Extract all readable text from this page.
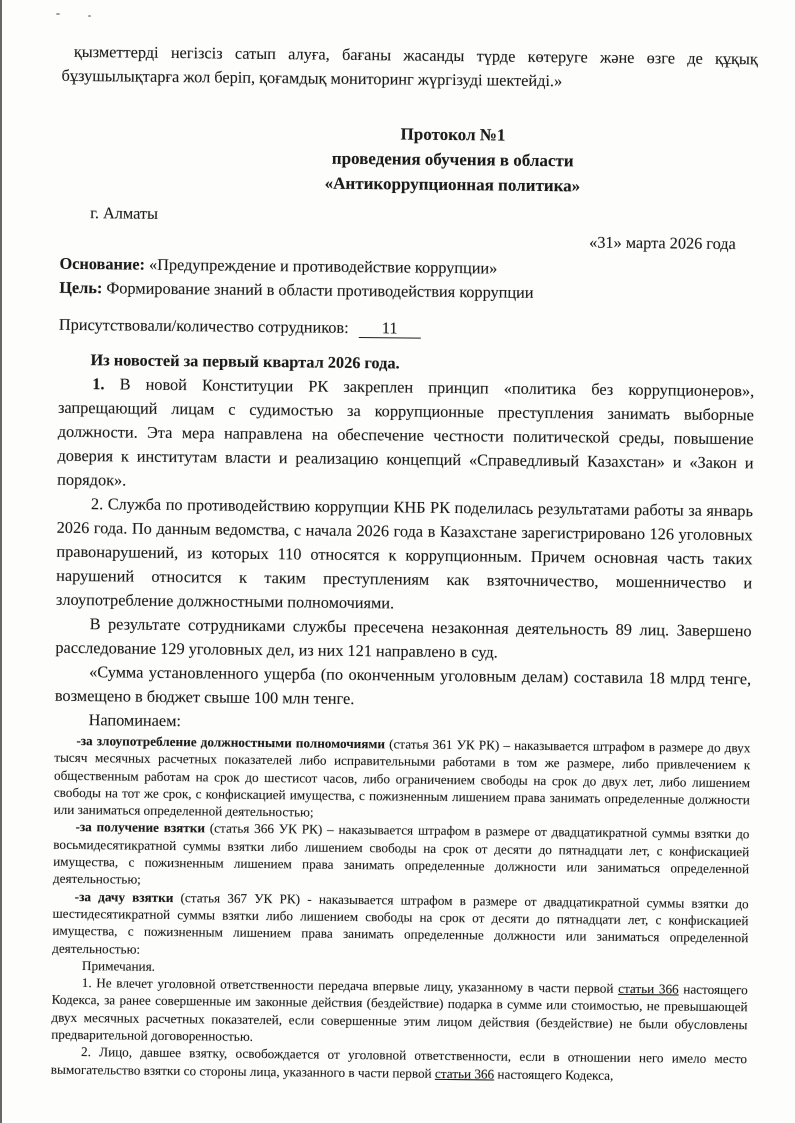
қызметтерді негізсіз сатып алуға, бағаны жасанды түрде көтеруге және өзге де құқық бұзушылықтарға жол беріп, қоғамдық мониторинг жүргізуді шектейді.»

Протокол №1
проведения обучения в области
«Антикоррупционная политика»

г. Алматы

«31» марта 2026 года

Основание: «Предупреждение и противодействие коррупции»

Цель: Формирование знаний в области противодействия коррупции

Присутствовали/количество сотрудников: 11

Из новостей за первый квартал 2026 года.

1. В новой Конституции РК закреплен принцип «политика без коррупционеров», запрещающий лицам с судимостью за коррупционные преступления занимать выборные должности. Эта мера направлена на обеспечение честности политической среды, повышение доверия к институтам власти и реализацию концепций «Справедливый Казахстан» и «Закон и порядок».

2. Служба по противодействию коррупции КНБ РК поделилась результатами работы за январь 2026 года. По данным ведомства, с начала 2026 года в Казахстане зарегистрировано 126 уголовных правонарушений, из которых 110 относятся к коррупционным. Причем основная часть таких нарушений относится к таким преступлениям как взяточничество, мошенничество и злоупотребление должностными полномочиями.

В результате сотрудниками службы пресечена незаконная деятельность 89 лиц. Завершено расследование 129 уголовных дел, из них 121 направлено в суд.

«Сумма установленного ущерба (по оконченным уголовным делам) составила 18 млрд тенге, возмещено в бюджет свыше 100 млн тенге.

Напоминаем:

-за злоупотребление должностными полномочиями (статья 361 УК РК) – наказывается штрафом в размере до двух тысяч месячных расчетных показателей либо исправительными работами в том же размере, либо привлечением к общественным работам на срок до шестисот часов, либо ограничением свободы на срок до двух лет, либо лишением свободы на тот же срок, с конфискацией имущества, с пожизненным лишением права занимать определенные должности или заниматься определенной деятельностью;

-за получение взятки (статья 366 УК РК) – наказывается штрафом в размере от двадцатикратной суммы взятки до восьмидесятикратной суммы взятки либо лишением свободы на срок от десяти до пятнадцати лет, с конфискацией имущества, с пожизненным лишением права занимать определенные должности или заниматься определенной деятельностью;

-за дачу взятки (статья 367 УК РК) - наказывается штрафом в размере от двадцатикратной суммы взятки до шестидесятикратной суммы взятки либо лишением свободы на срок от десяти до пятнадцати лет, с конфискацией имущества, с пожизненным лишением права занимать определенные должности или заниматься определенной деятельностью:

Примечания.

1. Не влечет уголовной ответственности передача впервые лицу, указанному в части первой статьи 366 настоящего Кодекса, за ранее совершенные им законные действия (бездействие) подарка в сумме или стоимостью, не превышающей двух месячных расчетных показателей, если совершенные этим лицом действия (бездействие) не были обусловлены предварительной договоренностью.

2. Лицо, давшее взятку, освобождается от уголовной ответственности, если в отношении него имело место вымогательство взятки со стороны лица, указанного в части первой статьи 366 настоящего Кодекса,
